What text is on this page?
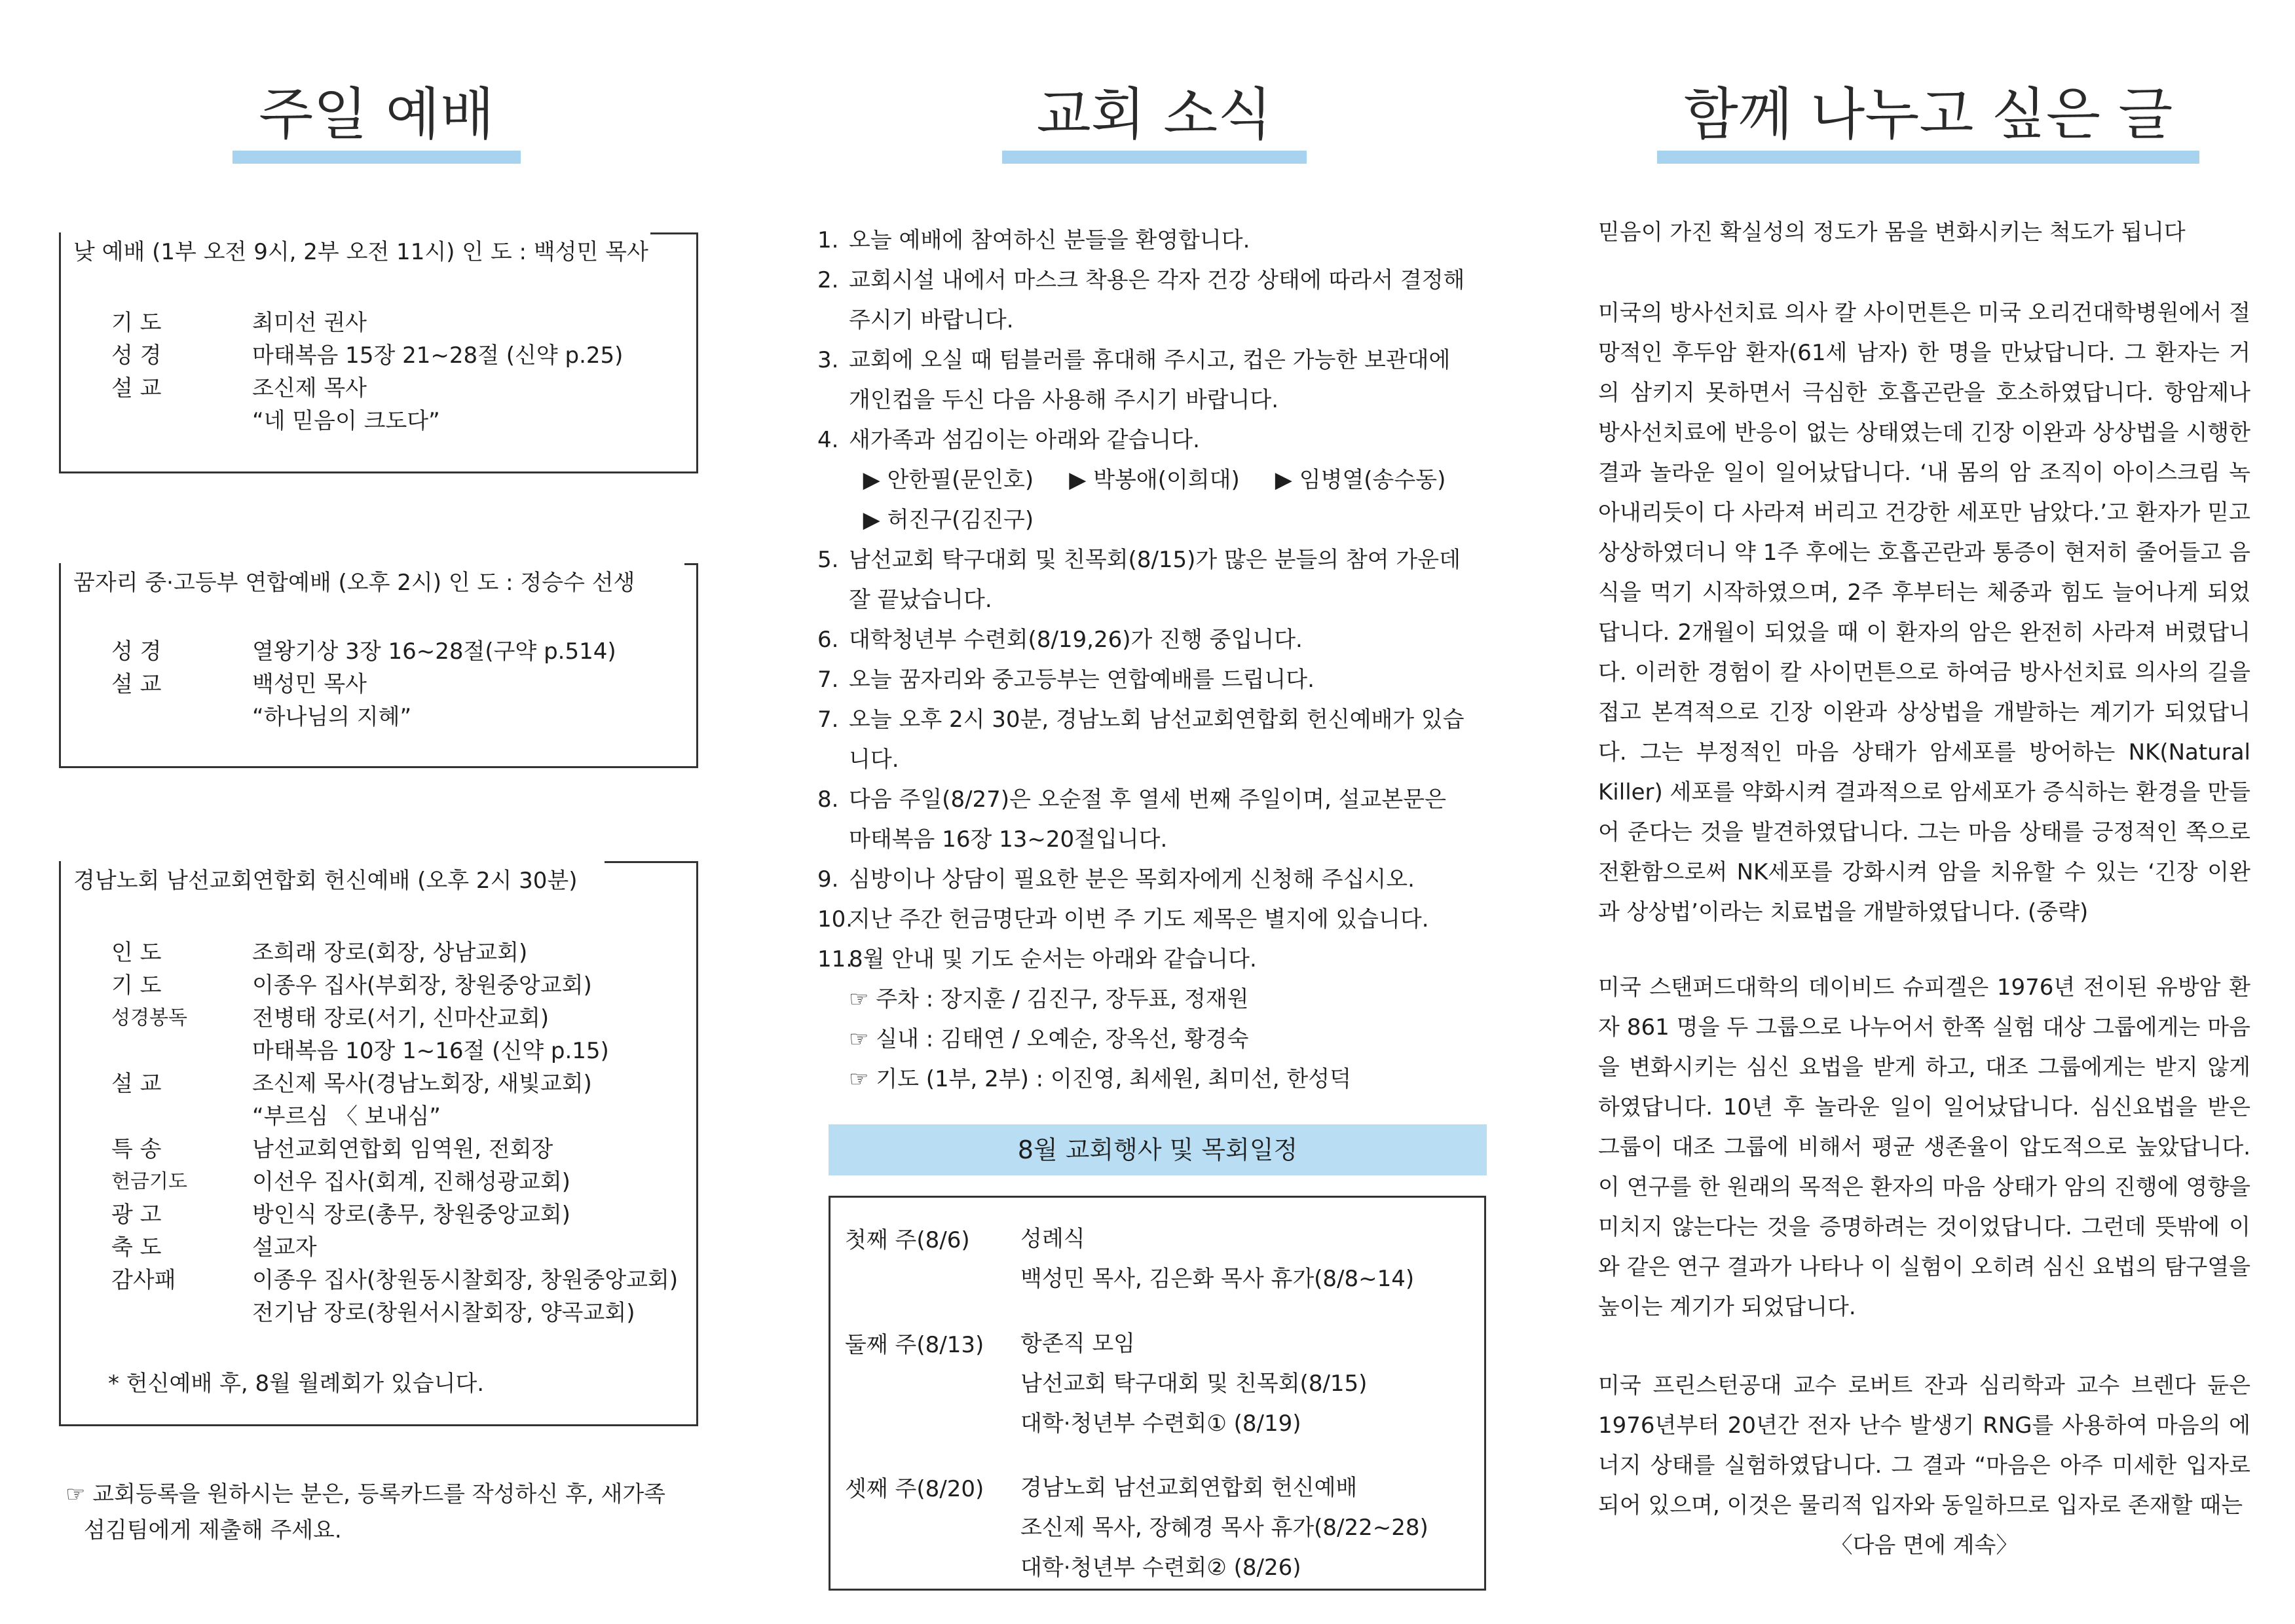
주일 예배	교회 소식	함께 나누고 싶은 글
낮 예배 (1부 오전 9시, 2부 오전 11시) 인 도 : 백성민 목사
기 도	최미선 권사
성 경	마태복음 15장 21~28절 (신약 p.25)
설 교	조신제 목사
“네 믿음이 크도다”
꿈자리 중·고등부 연합예배 (오후 2시) 인 도 : 정승수 선생
성 경	열왕기상 3장 16~28절(구약 p.514)
설 교	백성민 목사
“하나님의 지혜”
경남노회 남선교회연합회 헌신예배 (오후 2시 30분)
인 도	조희래 장로(회장, 상남교회)
기 도	이종우 집사(부회장, 창원중앙교회)
성경봉독	전병태 장로(서기, 신마산교회)
마태복음 10장 1~16절 (신약 p.15)
설 교	조신제 목사(경남노회장, 새빛교회)
“부르심 〈 보내심”
특 송	남선교회연합회 임역원, 전회장
헌금기도	이선우 집사(회계, 진해성광교회)
광 고	방인식 장로(총무, 창원중앙교회)
축 도	설교자
감사패	이종우 집사(창원동시찰회장, 창원중앙교회)
전기남 장로(창원서시찰회장, 양곡교회)
* 헌신예배 후, 8월 월례회가 있습니다.
☞ 교회등록을 원하시는 분은, 등록카드를 작성하신 후, 새가족
섬김팀에게 제출해 주세요.
1. 오늘 예배에 참여하신 분들을 환영합니다.
2. 교회시설 내에서 마스크 착용은 각자 건강 상태에 따라서 결정해
주시기 바랍니다.
3. 교회에 오실 때 텀블러를 휴대해 주시고, 컵은 가능한 보관대에
개인컵을 두신 다음 사용해 주시기 바랍니다.
4. 새가족과 섬김이는 아래와 같습니다.
▶ 안한필(문인호)     ▶ 박봉애(이희대)     ▶ 임병열(송수동)
▶ 허진구(김진구)
5. 남선교회 탁구대회 및 친목회(8/15)가 많은 분들의 참여 가운데
잘 끝났습니다.
6. 대학청년부 수련회(8/19,26)가 진행 중입니다.
7. 오늘 꿈자리와 중고등부는 연합예배를 드립니다.
7. 오늘 오후 2시 30분, 경남노회 남선교회연합회 헌신예배가 있습
니다.
8. 다음 주일(8/27)은 오순절 후 열세 번째 주일이며, 설교본문은
마태복음 16장 13~20절입니다.
9. 심방이나 상담이 필요한 분은 목회자에게 신청해 주십시오.
10.지난 주간 헌금명단과 이번 주 기도 제목은 별지에 있습니다.
11.8월 안내 및 기도 순서는 아래와 같습니다.
☞ 주차 : 장지훈 / 김진구, 장두표, 정재원
☞ 실내 : 김태연 / 오예순, 장옥선, 황경숙
☞ 기도 (1부, 2부) : 이진영, 최세원, 최미선, 한성덕
8월 교회행사 및 목회일정
첫째 주(8/6) 성례식
백성민 목사, 김은화 목사 휴가(8/8~14)
둘째 주(8/13) 항존직 모임
남선교회 탁구대회 및 친목회(8/15)
대학·청년부 수련회① (8/19)
셋째 주(8/20) 경남노회 남선교회연합회 헌신예배
조신제 목사, 장혜경 목사 휴가(8/22~28)
대학·청년부 수련회② (8/26)
믿음이 가진 확실성의 정도가 몸을 변화시키는 척도가 됩니다

미국의 방사선치료 의사 칼 사이먼튼은 미국 오리건대학병원에서 절망적인 후두암 환자(61세 남자) 한 명을 만났답니다. 그 환자는 거의 삼키지 못하면서 극심한 호흡곤란을 호소하였답니다. 항암제나 방사선치료에 반응이 없는 상태였는데 긴장 이완과 상상법을 시행한 결과 놀라운 일이 일어났답니다. ‘내 몸의 암 조직이 아이스크림 녹아내리듯이 다 사라져 버리고 건강한 세포만 남았다.’고 환자가 믿고 상상하였더니 약 1주 후에는 호흡곤란과 통증이 현저히 줄어들고 음식을 먹기 시작하였으며, 2주 후부터는 체중과 힘도 늘어나게 되었답니다. 2개월이 되었을 때 이 환자의 암은 완전히 사라져 버렸답니다. 이러한 경험이 칼 사이먼튼으로 하여금 방사선치료 의사의 길을 접고 본격적으로 긴장 이완과 상상법을 개발하는 계기가 되었답니다. 그는 부정적인 마음 상태가 암세포를 방어하는 NK(Natural Killer) 세포를 약화시켜 결과적으로 암세포가 증식하는 환경을 만들어 준다는 것을 발견하였답니다. 그는 마음 상태를 긍정적인 쪽으로 전환함으로써 NK세포를 강화시켜 암을 치유할 수 있는 ‘긴장 이완과 상상법’이라는 치료법을 개발하였답니다. (중략)

미국 스탠퍼드대학의 데이비드 슈피겔은 1976년 전이된 유방암 환자 861 명을 두 그룹으로 나누어서 한쪽 실험 대상 그룹에게는 마음을 변화시키는 심신 요법을 받게 하고, 대조 그룹에게는 받지 않게 하였답니다. 10년 후 놀라운 일이 일어났답니다. 심신요법을 받은 그룹이 대조 그룹에 비해서 평균 생존율이 압도적으로 높았답니다. 이 연구를 한 원래의 목적은 환자의 마음 상태가 암의 진행에 영향을 미치지 않는다는 것을 증명하려는 것이었답니다. 그런데 뜻밖에 이와 같은 연구 결과가 나타나 이 실험이 오히려 심신 요법의 탐구열을 높이는 계기가 되었답니다.

미국 프린스턴공대 교수 로버트 잔과 심리학과 교수 브렌다 듄은 1976년부터 20년간 전자 난수 발생기 RNG를 사용하여 마음의 에너지 상태를 실험하였답니다. 그 결과 “마음은 아주 미세한 입자로 되어 있으며, 이것은 물리적 입자와 동일하므로 입자로 존재할 때는

〈다음 면에 계속〉
